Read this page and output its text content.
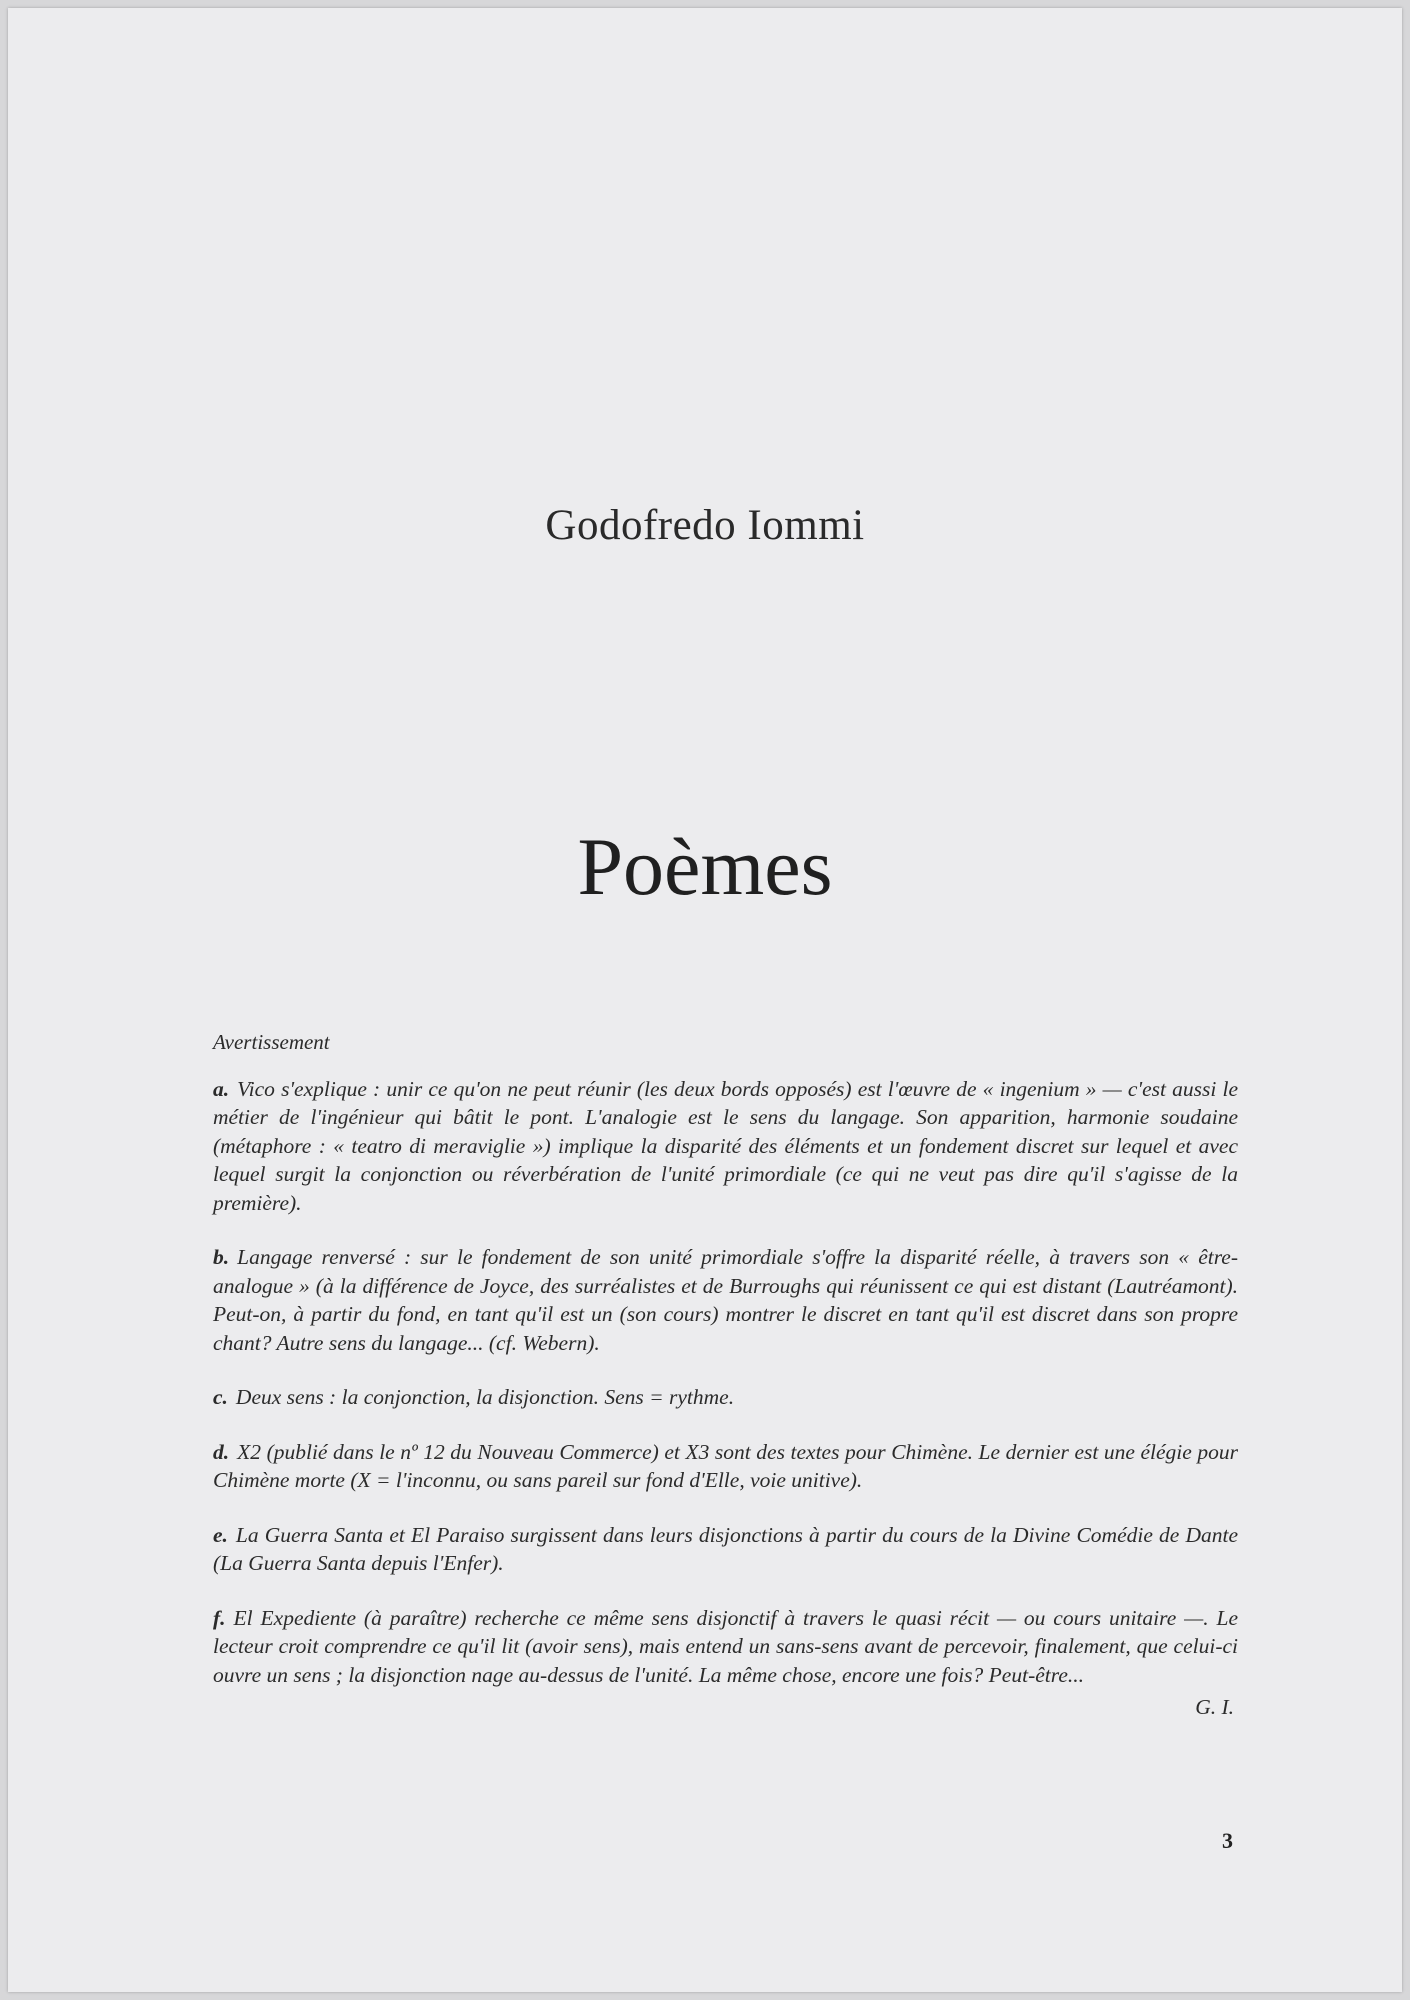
Godofredo Iommi
Poèmes

Avertissement

a. Vico s'explique : unir ce qu'on ne peut réunir (les deux bords opposés) est l'œuvre de « ingenium » — c'est aussi le métier de l'ingénieur qui bâtit le pont. L'analogie est le sens du langage. Son apparition, harmonie soudaine (métaphore : « teatro di meraviglie ») implique la disparité des éléments et un fondement discret sur lequel et avec lequel surgit la conjonction ou réverbération de l'unité primordiale (ce qui ne veut pas dire qu'il s'agisse de la première).

b. Langage renversé : sur le fondement de son unité primordiale s'offre la disparité réelle, à travers son « être-analogue » (à la différence de Joyce, des surréalistes et de Burroughs qui réunissent ce qui est distant (Lautréamont). Peut-on, à partir du fond, en tant qu'il est un (son cours) montrer le discret en tant qu'il est discret dans son propre chant? Autre sens du langage... (cf. Webern).

c. Deux sens : la conjonction, la disjonction. Sens = rythme.

d. X2 (publié dans le nº 12 du Nouveau Commerce) et X3 sont des textes pour Chimène. Le dernier est une élégie pour Chimène morte (X = l'inconnu, ou sans pareil sur fond d'Elle, voie unitive).

e. La Guerra Santa et El Paraiso surgissent dans leurs disjonctions à partir du cours de la Divine Comédie de Dante (La Guerra Santa depuis l'Enfer).

f. El Expediente (à paraître) recherche ce même sens disjonctif à travers le quasi récit — ou cours unitaire —. Le lecteur croit comprendre ce qu'il lit (avoir sens), mais entend un sans-sens avant de percevoir, finalement, que celui-ci ouvre un sens ; la disjonction nage au-dessus de l'unité. La même chose, encore une fois? Peut-être...

G. I.

3
